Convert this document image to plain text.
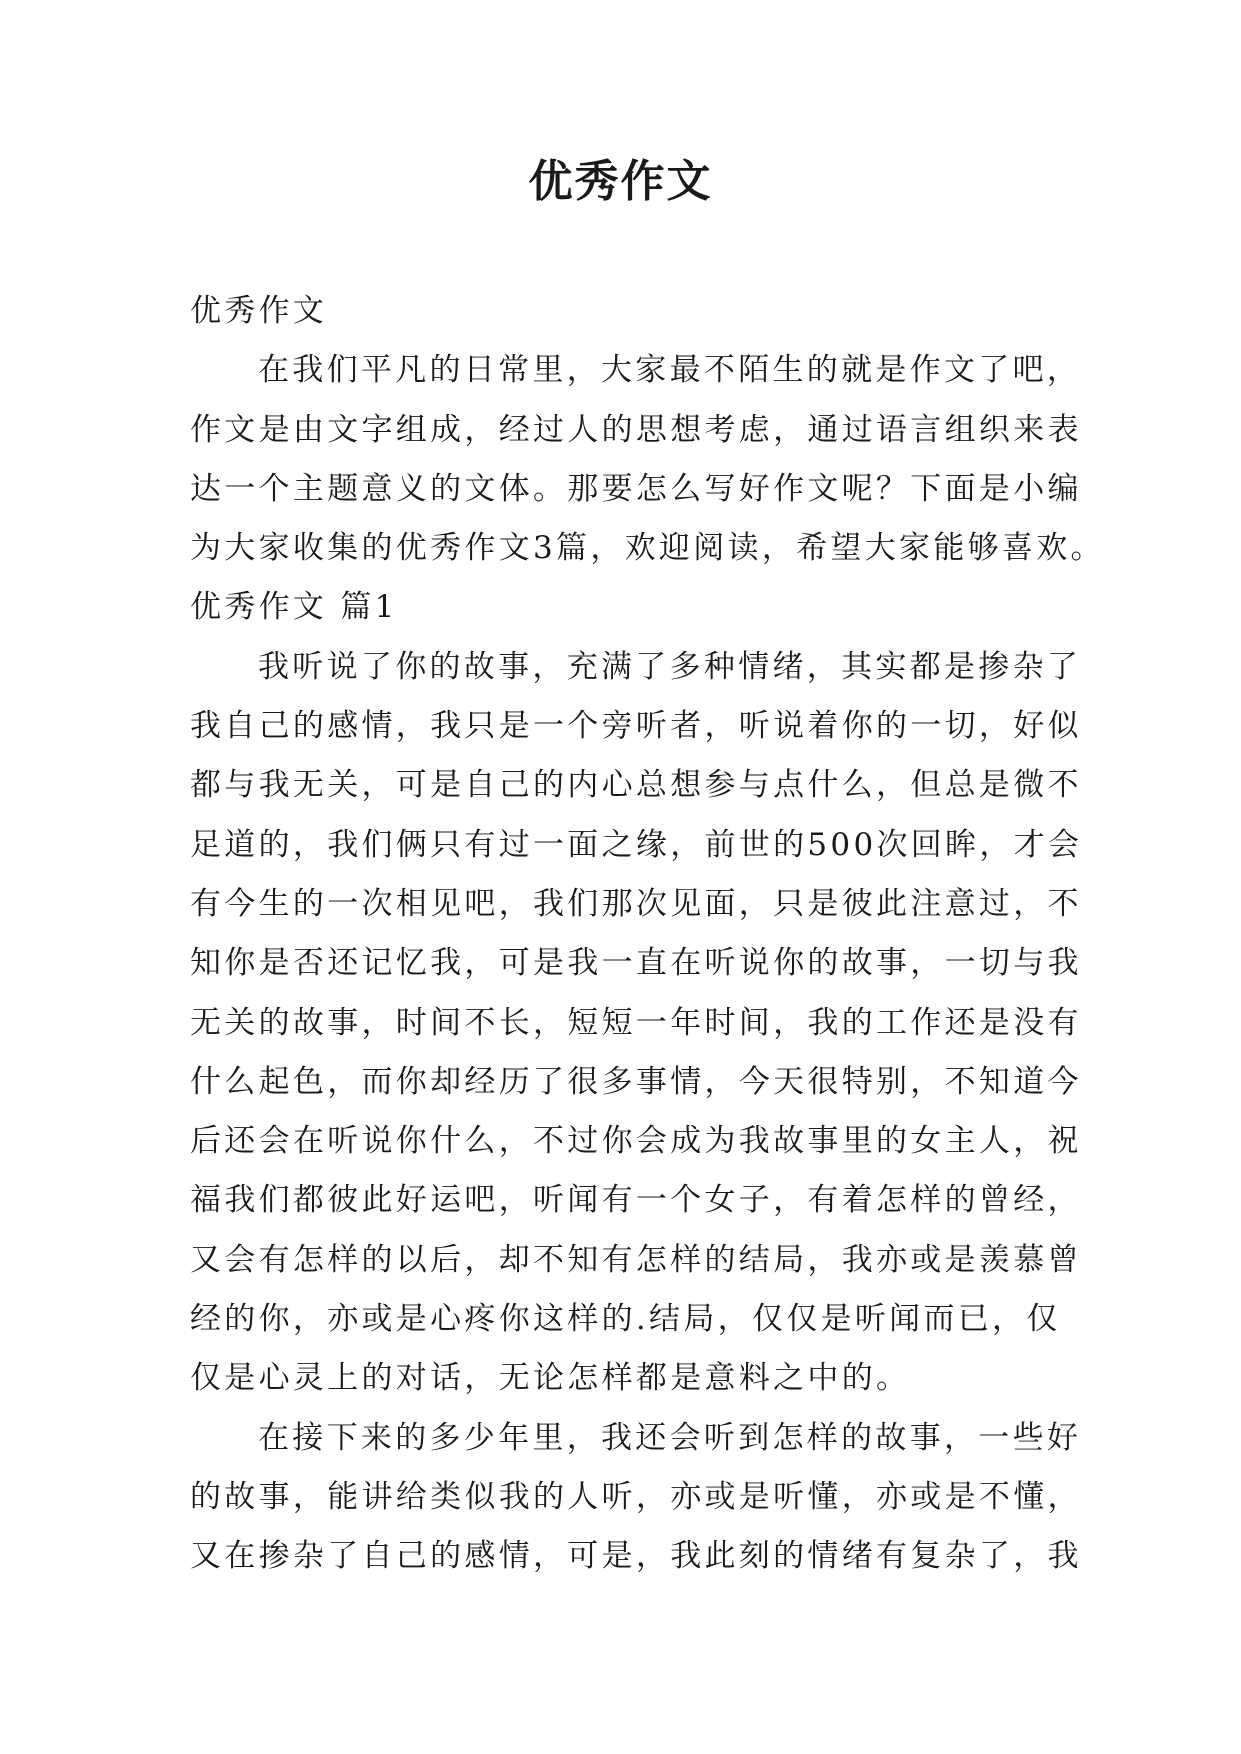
优秀作文
优秀作文
在我们平凡的日常里，大家最不陌生的就是作文了吧，
作文是由文字组成，经过人的思想考虑，通过语言组织来表
达一个主题意义的文体。那要怎么写好作文呢？下面是小编
为大家收集的优秀作文3篇，欢迎阅读，希望大家能够喜欢。
优秀作文 篇1
我听说了你的故事，充满了多种情绪，其实都是掺杂了
我自己的感情，我只是一个旁听者，听说着你的一切，好似
都与我无关，可是自己的内心总想参与点什么，但总是微不
足道的，我们俩只有过一面之缘，前世的500次回眸，才会
有今生的一次相见吧，我们那次见面，只是彼此注意过，不
知你是否还记忆我，可是我一直在听说你的故事，一切与我
无关的故事，时间不长，短短一年时间，我的工作还是没有
什么起色，而你却经历了很多事情，今天很特别，不知道今
后还会在听说你什么，不过你会成为我故事里的女主人，祝
福我们都彼此好运吧，听闻有一个女子，有着怎样的曾经，
又会有怎样的以后，却不知有怎样的结局，我亦或是羡慕曾
经的你，亦或是心疼你这样的.结局，仅仅是听闻而已，仅
仅是心灵上的对话，无论怎样都是意料之中的。
在接下来的多少年里，我还会听到怎样的故事，一些好
的故事，能讲给类似我的人听，亦或是听懂，亦或是不懂，
又在掺杂了自己的感情，可是，我此刻的情绪有复杂了，我
